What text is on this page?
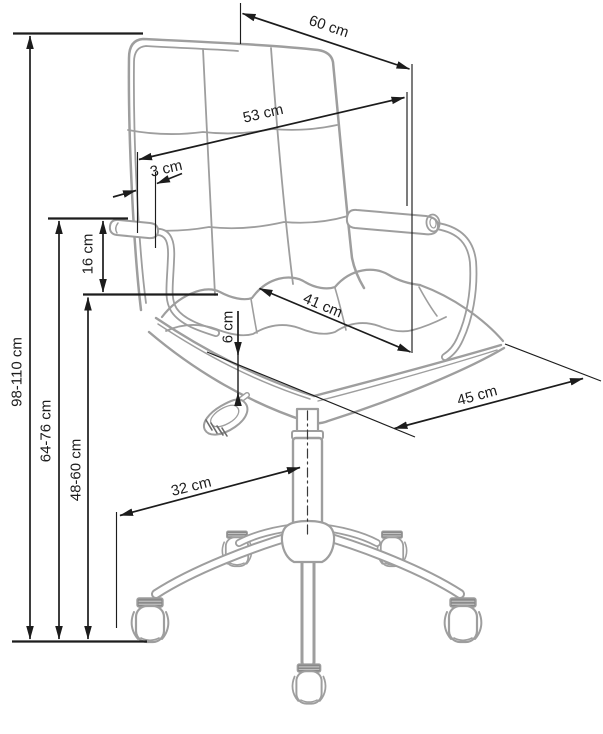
98-110 cm
64-76 cm
48-60 cm
16 cm
6 cm
60 cm
53 cm
3 cm
41 cm
45 cm
32 cm
